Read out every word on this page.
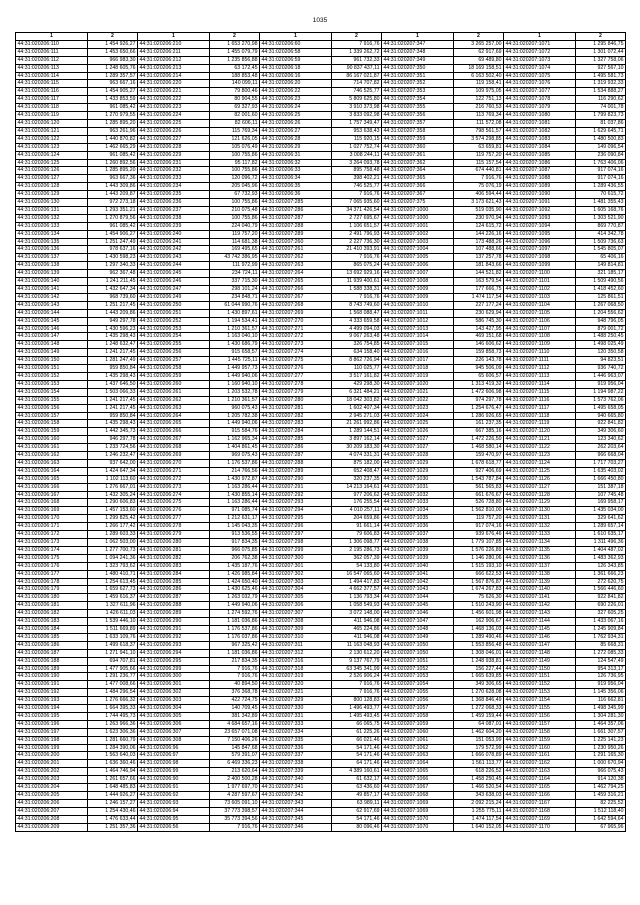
1035
1	2	1	2	1	2	1	2	1	2
44:31:020206:110	1 454 926,27	44:31:020206:210	1 653 270,98	44:31:020206:60	7 916,76	44:31:020207:347	3 265 257,00	44:31:020207:1071	1 295 846,75
44:31:020206:111	1 453 650,66	44:31:020206:211	1 455 079,79	44:31:020206:58	1 339 262,72	44:31:020207:348	62 917,69	44:31:020207:1072	1 301 072,44
44:31:020206:112	966 983,30	44:31:020206:212	1 235 856,88	44:31:020206:59	961 732,33	44:31:020207:349	69 489,80	44:31:020207:1073	1 327 758,06
44:31:020206:113	1 248 605,76	44:31:020206:213	63 172,45	44:31:020206:18	90 837 437,11	44:31:020207:350	18 169 158,51	44:31:020207:1074	927 567,10
44:31:020206:114	1 289 357,57	44:31:020206:214	188 853,48	44:31:020206:16	86 167 021,87	44:31:020207:351	6 163 502,40	44:31:020207:1075	1 495 581,73
44:31:020206:115	963 667,16	44:31:020206:220	140 099,11	44:31:020206:20	714 707,82	44:31:020207:352	119 158,41	44:31:020207:1076	1 319 932,33
44:31:020206:116	1 454 905,27	44:31:020206:221	79 800,46	44:31:020206:22	746 525,77	44:31:020207:353	109 975,05	44:31:020207:1077	1 534 888,27
44:31:020206:117	1 433 853,59	44:31:020206:222	80 904,55	44:31:020206:23	5 809 625,80	44:31:020207:354	122 751,13	44:31:020207:1078	116 290,62
44:31:020206:118	961 085,42	44:31:020206:223	69 327,93	44:31:020206:24	3 910 373,98	44:31:020207:355	216 760,53	44:31:020207:1079	74 001,78
44:31:020206:119	1 270 979,55	44:31:020206:224	82 001,60	44:31:020206:25	3 833 092,98	44:31:020207:356	113 769,34	44:31:020207:1080	1 799 823,73
44:31:020206:120	1 285 895,20	44:31:020206:225	82 606,11	44:31:020206:26	1 757 349,47	44:31:020207:357	111 572,08	44:31:020207:1081	81 037,86
44:31:020206:121	963 261,96	44:31:020206:226	115 769,34	44:31:020206:27	953 638,43	44:31:020207:358	798 561,57	44:31:020207:1082	1 629 645,71
44:31:020206:122	1 440 870,82	44:31:020206:227	121 626,05	44:31:020206:28	115 920,15	44:31:020207:359	3 574 298,85	44:31:020207:1083	1 480 500,83
44:31:020206:123	1 462 665,29	44:31:020206:228	105 076,49	44:31:020206:29	1 027 752,74	44:31:020207:360	63 659,81	44:31:020207:1084	149 096,54
44:31:020206:124	961 085,42	44:31:020206:229	100 755,86	44:31:020206:31	3 008 244,11	44:31:020207:361	119 757,20	44:31:020207:1085	236 090,84
44:31:020206:125	1 260 892,56	44:31:020206:231	95 117,82	44:31:020206:32	3 264 093,78	44:31:020207:362	115 157,54	44:31:020207:1086	1 763 406,06
44:31:020206:126	1 285 895,20	44:31:020206:232	100 755,86	44:31:020206:33	895 758,48	44:31:020207:364	674 440,81	44:31:020207:1087	917 074,16
44:31:020206:127	963 667,36	44:31:020206:233	120 096,72	44:31:020206:34	398 402,21	44:31:020207:365	7 916,76	44:31:020207:1088	917 074,16
44:31:020206:128	1 443 309,86	44:31:020206:234	205 045,96	44:31:020206:35	746 525,77	44:31:020207:366	75 076,19	44:31:020207:1089	1 289 436,55
44:31:020206:129	1 443 209,87	44:31:020206:235	67 732,93	44:31:020206:36	7 916,76	44:31:020207:367	406 594,44	44:31:020207:1090	70 615,72
44:31:020206:130	972 273,18	44:31:020206:236	100 755,86	44:31:020207:285	7 065 935,60	44:31:020207:375	3 173 621,43	44:31:020207:1091	1 481 355,43
44:31:020206:131	1 293 351,21	44:31:020206:237	210 075,48	44:31:020207:286	34 371 426,54	44:31:020207:1000	519 035,90	44:31:020207:1092	1 605 168,76
44:31:020206:132	1 270 879,56	44:31:020206:238	100 755,86	44:31:020207:287	2 727 695,67	44:31:020207:1000	230 970,94	44:31:020207:1093	1 303 521,90
44:31:020206:133	961 085,42	44:31:020206:239	224 040,79	44:31:020207:288	1 106 651,57	44:31:020207:1001	124 615,72	44:31:020207:1094	869 770,87
44:31:020206:134	1 454 906,27	44:31:020206:240	119 757,20	44:31:020207:289	2 491 796,93	44:31:020207:1002	144 226,16	44:31:020207:1095	414 342,78
44:31:020206:135	1 251 247,49	44:31:020206:241	114 681,38	44:31:020207:260	2 227 736,30	44:31:020207:1003	173 488,26	44:31:020207:1096	1 509 736,63
44:31:020206:136	978 637,16	44:31:020206:242	169 495,65	44:31:020207:261	21 410 393,91	44:31:020207:1004	107 488,66	44:31:020207:1097	1 545 805,07
44:31:020206:137	1 430 598,23	44:31:020206:243	43 742 386,95	44:31:020207:262	7 916,76	44:31:020207:1005	137 257,78	44:31:020207:1098	65 406,16
44:31:020206:138	1 297 340,33	44:31:020206:244	111 972,99	44:31:020207:263	865 075,24	44:31:020207:1006	181 843,66	44:31:020207:1099	149 814,81
44:31:020206:139	962 367,48	44:31:020206:245	234 724,11	44:31:020207:264	13 692 929,16	44:31:020207:1007	144 521,82	44:31:020207:1100	321 185,17
44:31:020206:140	1 241 211,45	44:31:020206:246	337 715,30	44:31:020207:265	11 939 400,61	44:31:020207:1008	163 579,54	44:31:020207:1101	1 509 490,56
44:31:020206:141	1 432 647,34	44:31:020206:247	298 101,24	44:31:020207:266	1 588 338,31	44:31:020207:1009	177 666,75	44:31:020207:1102	1 418 452,60
44:31:020206:142	968 739,60	44:31:020206:249	234 848,71	44:31:020207:267	7 916,76	44:31:020207:1009	1 474 117,54	44:31:020207:1103	125 861,51
44:31:020206:143	1 251 217,45	44:31:020206:250	61 044 990,76	44:31:020207:268	8 743 749,60	44:31:020207:1010	227 177,24	44:31:020207:1104	1 267 068,50
44:31:020206:144	1 443 209,86	44:31:020206:251	1 430 897,61	44:31:020207:269	1 568 088,47	44:31:020207:1011	230 629,94	44:31:020207:1105	1 204 556,62
44:31:020206:145	949 297,78	44:31:020206:252	1 194 534,41	44:31:020207:270	4 333 659,58	44:31:020207:1012	586 745,30	44:31:020207:1106	948 796,05
44:31:020206:146	1 430 596,23	44:31:020206:253	1 210 361,57	44:31:020207:271	4 499 094,03	44:31:020207:1013	143 427,95	44:31:020207:1107	879 001,72
44:31:020206:147	1 435 298,43	44:31:020206:254	1 163 040,10	44:31:020207:272	9 067 263,48	44:31:020207:1014	469 151,68	44:31:020207:1108	1 488 250,45
44:31:020206:148	1 248 632,47	44:31:020206:255	1 430 686,79	44:31:020207:273	326 754,85	44:31:020207:1015	146 606,62	44:31:020207:1109	1 498 025,49
44:31:020206:149	1 241 217,45	44:31:020206:256	915 658,57	44:31:020207:274	634 158,40	44:31:020207:1016	159 858,73	44:31:020207:1110	120 350,58
44:31:020206:150	1 281 247,49	44:31:020206:257	1 445 725,11	44:31:020207:275	8 862 726,94	44:31:020207:1017	226 143,78	44:31:020207:1111	94 823,51
44:31:020206:151	959 850,84	44:31:020206:258	1 449 957,73	44:31:020207:276	110 025,77	44:31:020207:1018	945 506,09	44:31:020207:1112	936 740,72
44:31:020206:152	1 435 298,43	44:31:020206:259	1 449 940,06	44:31:020207:277	3 517 161,82	44:31:020207:1019	65 606,57	44:31:020207:1113	1 446 963,07
44:31:020206:153	1 437 646,50	44:31:020206:260	1 160 940,10	44:31:020207:278	429 298,30	44:31:020207:1020	1 313 419,32	44:31:020207:1114	919 956,04
44:31:020206:154	1 503 066,33	44:31:020206:261	1 203 532,78	44:31:020207:279	6 321 484,21	44:31:020207:1021	1 472 606,98	44:31:020207:1115	1 194 987,22
44:31:020206:155	1 241 217,45	44:31:020206:262	1 210 361,57	44:31:020207:280	18 042 303,82	44:31:020207:1022	974 297,78	44:31:020207:1116	1 573 762,06
44:31:020206:156	1 241 217,45	44:31:020206:263	960 075,43	44:31:020207:281	1 602 407,34	44:31:020207:1023	1 254 676,47	44:31:020207:1117	1 495 658,05
44:31:020206:157	959 850,84	44:31:020206:264	1 205 782,38	44:31:020207:282	2 945 271,03	44:31:020207:1024	1 286 926,65	44:31:020207:1118	940 665,80
44:31:020206:158	1 435 298,43	44:31:020206:265	1 449 940,06	44:31:020207:283	21 261 992,86	44:31:020207:1025	161 237,35	44:31:020207:1119	922 841,82
44:31:020206:159	1 442 345,73	44:31:020206:266	915 584,76	44:31:020207:284	1 289 144,51	44:31:020207:1026	667 385,16	44:31:020207:1120	349 306,60
44:31:020206:160	946 297,78	44:31:020206:267	1 162 965,34	44:31:020207:285	3 897 162,14	44:31:020207:1027	1 472 226,50	44:31:020207:1121	123 340,62
44:31:020206:161	1 233 724,56	44:31:020206:268	1 404 861,45	44:31:020207:286	30 209 183,30	44:31:020207:1027	1 468 580,14	44:31:020207:1122	262 203,64
44:31:020206:162	1 246 232,47	44:31:020206:269	969 075,43	44:31:020207:287	4 074 331,31	44:31:020207:1028	159 470,97	44:31:020207:1123	966 668,04
44:31:020206:163	937 642,00	44:31:020206:270	1 176 537,86	44:31:020207:288	875 182,00	44:31:020207:1029	1 678 618,77	44:31:020207:1124	1 717 703,27
44:31:020206:164	1 424 647,34	44:31:020206:271	214 766,56	44:31:020207:289	652 408,47	44:31:020207:1029	927 406,69	44:31:020207:1125	1 635 403,02
44:31:020206:165	1 102 113,60	44:31:020206:272	1 430 972,87	44:31:020207:290	320 237,35	44:31:020207:1030	1 543 787,84	44:31:020207:1126	1 666 450,80
44:31:020206:166	1 276 667,01	44:31:020206:273	1 163 286,44	44:31:020207:291	14 213 164,61	44:31:020207:1031	561 565,83	44:31:020207:1127	151 387,18
44:31:020206:167	1 432 305,24	44:31:020206:274	1 430 855,14	44:31:020207:292	977 206,62	44:31:020207:1032	661 676,67	44:31:020207:1128	107 745,48
44:31:020206:168	1 290 606,83	44:31:020206:275	1 163 286,44	44:31:020207:293	176 255,54	44:31:020207:1033	526 728,80	44:31:020207:1129	169 958,17
44:31:020206:169	1 457 153,60	44:31:020206:276	971 085,74	44:31:020207:294	4 010 257,11	44:31:020207:1034	1 562 810,00	44:31:020207:1130	1 435 034,00
44:31:020206:170	1 299 825,42	44:31:020206:277	1 212 631,17	44:31:020207:295	204 659,86	44:31:020207:1035	119 757,20	44:31:020207:1131	329 641,62
44:31:020206:171	1 266 177,42	44:31:020206:278	1 145 043,35	44:31:020207:296	91 661,14	44:31:020207:1036	917 074,16	44:31:020207:1132	1 289 657,14
44:31:020206:172	1 289 603,33	44:31:020206:279	913 536,55	44:31:020207:297	79 606,83	44:31:020207:1037	939 676,46	44:31:020207:1133	1 610 635,17
44:31:020206:173	1 062 503,00	44:31:020206:280	917 834,35	44:31:020207:298	1 306 098,77	44:31:020207:1038	1 779 107,85	44:31:020207:1134	1 311 496,36
44:31:020206:174	1 277 700,73	44:31:020206:281	966 075,85	44:31:020207:299	2 195 286,73	44:31:020207:1039	1 576 226,89	44:31:020207:1135	1 404 487,02
44:31:020206:175	1 094 241,36	44:31:020206:282	206 762,38	44:31:020207:300	362 057,39	44:31:020207:1039	1 146 280,06	44:31:020207:1136	1 483 362,93
44:31:020206:176	1 323 793,62	44:31:020206:283	1 435 187,76	44:31:020207:301	54 133,80	44:31:020207:1040	1 515 193,10	44:31:020207:1137	126 343,85
44:31:020206:177	1 480 410,71	44:31:020206:284	1 426 985,84	44:31:020207:302	16 547 065,60	44:31:020207:1041	666 622,53	44:31:020207:1138	1 361 666,23
44:31:020206:178	1 254 613,45	44:31:020206:285	1 424 650,40	44:31:020207:303	1 494 417,83	44:31:020207:1042	1 567 876,87	44:31:020207:1139	272 620,75
44:31:020206:179	1 659 627,73	44:31:020206:286	1 430 625,46	44:31:020207:304	4 662 377,57	44:31:020207:1043	1 674 267,83	44:31:020207:1140	1 566 446,60
44:31:020206:180	1 459 616,37	44:31:020206:287	1 263 032,79	44:31:020207:305	1 136 793,34	44:31:020207:1044	75 626,30	44:31:020207:1141	922 841,82
44:31:020206:181	1 327 611,96	44:31:020206:288	1 449 940,06	44:31:020207:306	1 058 549,93	44:31:020207:1045	1 510 243,90	44:31:020207:1142	690 226,01
44:31:020206:182	1 426 611,03	44:31:020206:289	1 274 592,76	44:31:020207:307	3 072 148,00	44:31:020207:1046	1 456 601,98	44:31:020207:1143	327 605,25
44:31:020206:183	1 539 446,10	44:31:020206:290	1 181 036,86	44:31:020207:308	411 946,08	44:31:020207:1047	162 906,67	44:31:020207:1144	1 433 067,16
44:31:020206:184	1 511 669,89	44:31:020206:291	1 176 537,86	44:31:020207:309	465 224,86	44:31:020207:1048	1 468 136,03	44:31:020207:1145	1 245 909,84
44:31:020206:185	1 633 109,76	44:31:020206:292	1 176 037,86	44:31:020207:310	411 946,08	44:31:020207:1049	1 289 490,46	44:31:020207:1146	1 762 934,31
44:31:020206:186	1 499 618,37	44:31:020206:293	967 325,42	44:31:020207:311	11 163 048,93	44:31:020207:1050	1 553 856,48	44:31:020207:1147	85 668,31
44:31:020206:187	1 271 941,10	44:31:020206:294	1 181 036,86	44:31:020207:312	2 130 612,20	44:31:020207:1050	1 308 046,01	44:31:020207:1148	1 272 085,33
44:31:020206:188	694 707,81	44:31:020206:295	217 834,35	44:31:020207:316	9 137 767,79	44:31:020207:1051	1 248 938,81	44:31:020207:1149	124 547,49
44:31:020206:189	1 477 905,66	44:31:020206:299	7 916,76	44:31:020207:318	63 345 341,99	44:31:020207:1052	156 227,44	44:31:020207:1150	954 313,17
44:31:020206:190	1 291 236,77	44:31:020206:300	7 916,76	44:31:020207:319	2 526 906,24	44:31:020207:1053	1 665 639,85	44:31:020207:1151	126 736,95
44:31:020206:191	1 477 008,66	44:31:020206:301	40 894,50	44:31:020207:320	7 916,76	44:31:020207:1054	349 306,65	44:31:020207:1152	919 956,04
44:31:020206:192	1 484 296,54	44:31:020206:302	376 368,78	44:31:020207:321	7 916,76	44:31:020207:1055	1 270 628,08	44:31:020207:1153	1 145 356,06
44:31:020206:193	1 276 666,32	44:31:020206:303	422 724,75	44:31:020207:329	800 128,83	44:31:020207:1056	1 368 846,49	44:31:020207:1154	116 662,81
44:31:020206:194	1 664 395,33	44:31:020206:304	140 709,45	44:31:020207:330	1 496 493,77	44:31:020207:1057	1 272 068,33	44:31:020207:1155	1 498 345,99
44:31:020206:195	1 744 495,73	44:31:020206:305	381 342,89	44:31:020207:331	1 495 493,45	44:31:020207:1058	1 459 159,44	44:31:020207:1156	1 304 281,30
44:31:020206:196	1 263 966,36	44:31:020206:306	4 684 657,16	44:31:020207:333	66 065,75	44:31:020207:1059	64 087,01	44:31:020207:1157	1 464 357,06
44:31:020206:197	1 623 306,36	44:31:020206:307	23 657 071,08	44:31:020207:334	61 225,26	44:31:020207:1060	1 462 604,20	44:31:020207:1158	1 661 307,57
44:31:020206:198	1 281 660,79	44:31:020206:308	7 150 406,26	44:31:020207:335	66 021,46	44:31:020207:1061	151 053,99	44:31:020207:1159	1 225 141,23
44:31:020206:199	1 284 390,06	44:31:020206:96	145 847,68	44:31:020207:336	54 171,46	44:31:020207:1062	179 572,99	44:31:020207:1160	1 230 950,26
44:31:020206:200	1 563 640,03	44:31:020206:97	579 391,07	44:31:020207:337	54 171,46	44:31:020207:1063	1 666 078,89	44:31:020207:1161	1 291 165,30
44:31:020206:201	1 636 360,46	44:31:020206:98	6 469 336,23	44:31:020207:338	64 171,46	44:31:020207:1064	1 561 113,77	44:31:020207:1162	1 000 670,94
44:31:020206:202	1 464 746,94	44:31:020206:99	213 620,64	44:31:020207:339	4 389 160,61	44:31:020207:1065	618 226,52	44:31:020207:1163	966 075,43
44:31:020206:203	1 261 657,66	44:31:020206:90	2 400 500,28	44:31:020207:340	61 632,17	44:31:020207:1066	1 458 250,45	44:31:020207:1164	914 120,38
44:31:020206:204	1 648 485,83	44:31:020206:91	1 977 697,70	44:31:020207:341	63 436,60	44:31:020207:1067	1 466 520,54	44:31:020207:1165	1 462 794,25
44:31:020206:205	1 444 926,27	44:31:020206:92	4 287 597,67	44:31:020207:342	49 857,17	44:31:020207:1068	343 638,03	44:31:020207:1166	1 459 316,21
44:31:020206:206	1 246 157,27	44:31:020206:93	73 605 091,10	44:31:020207:343	63 989,11	44:31:020207:1069	2 092 215,24	44:31:020207:1167	82 225,52
44:31:020206:207	1 254 430,46	44:31:020206:94	37 773 398,57	44:31:020207:344	62 917,69	44:31:020207:1069	1 255 775,11	44:31:020207:1168	1 512 118,40
44:31:020206:208	1 476 633,44	44:31:020206:95	35 773 394,56	44:31:020207:345	54 171,46	44:31:020207:1070	1 474 117,54	44:31:020207:1169	1 642 594,64
44:31:020206:209	1 251 357,36	44:31:020206:56	7 916,76	44:31:020207:346	80 096,46	44:31:020207:1070	1 640 152,05	44:31:020207:1170	67 965,96
